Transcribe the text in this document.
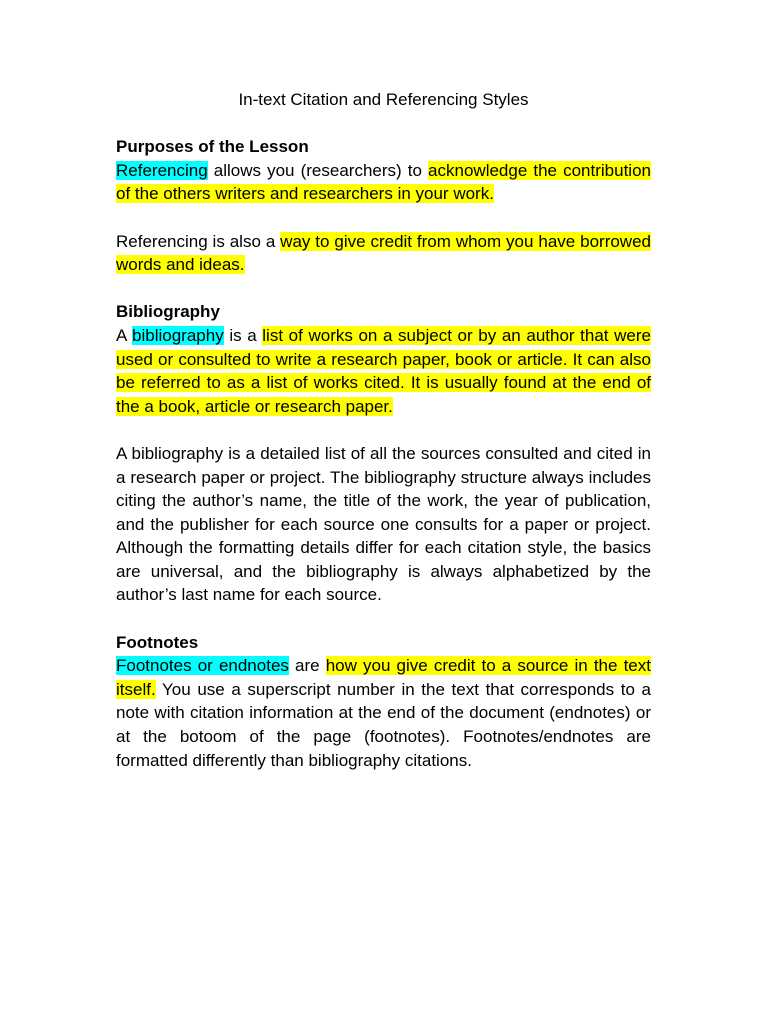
In-text Citation and Referencing Styles
Purposes of the Lesson

Referencing allows you (researchers) to acknowledge the contribution of the others writers and researchers in your work.

Referencing is also a way to give credit from whom you have borrowed words and ideas.

Bibliography

A bibliography is a list of works on a subject or by an author that were used or consulted to write a research paper, book or article. It can also be referred to as a list of works cited. It is usually found at the end of the a book, article or research paper.

A bibliography is a detailed list of all the sources consulted and cited in a research paper or project. The bibliography structure always includes citing the author’s name, the title of the work, the year of publication, and the publisher for each source one consults for a paper or project. Although the formatting details differ for each citation style, the basics are universal, and the bibliography is always alphabetized by the author’s last name for each source.

Footnotes

Footnotes or endnotes are how you give credit to a source in the text itself. You use a superscript number in the text that corresponds to a note with citation information at the end of the document (endnotes) or at the botoom of the page (footnotes). Footnotes/endnotes are formatted differently than bibliography citations.
